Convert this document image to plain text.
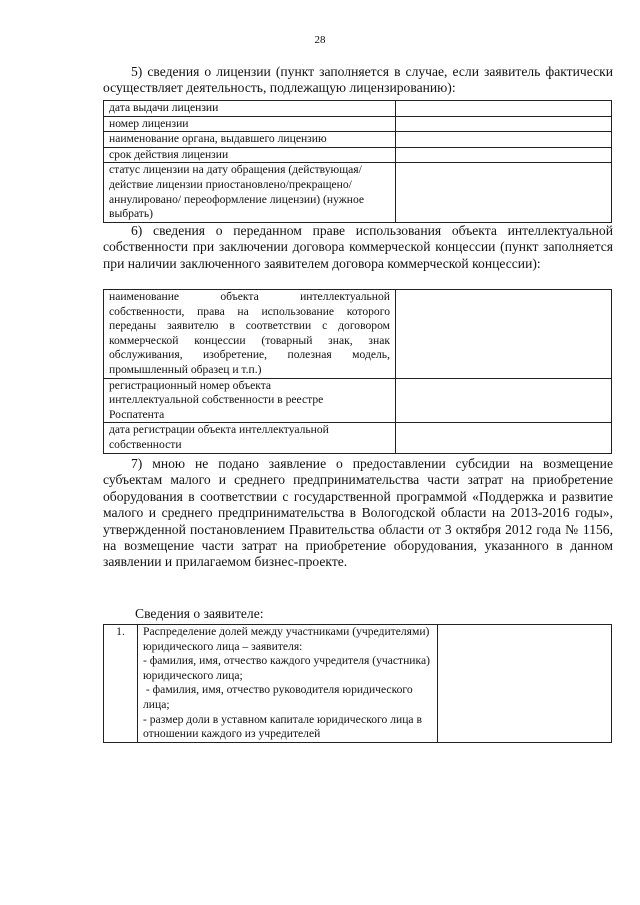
28

5) сведения о лицензии (пункт заполняется в случае, если заявитель фактически осуществляет деятельность, подлежащую лицензированию):

дата выдачи лицензии	
номер лицензии	
наименование органа, выдавшего лицензию	
срок действия лицензии	
статус лицензии на дату обращения (действующая/действие лицензии приостановлено/прекращено/аннулировано/ переоформление лицензии) (нужное выбрать)	

6) сведения о переданном праве использования объекта интеллектуальной собственности при заключении договора коммерческой концессии (пункт заполняется при наличии заключенного заявителем договора коммерческой концессии):

наименование объекта интеллектуальной собственности, права на использование которого переданы заявителю в соответствии с договором коммерческой концессии (товарный знак, знак обслуживания, изобретение, полезная модель, промышленный образец и т.п.)	
регистрационный номер объекта интеллектуальной собственности в реестре Роспатента	
дата регистрации объекта интеллектуальной собственности	

7) мною не подано заявление о предоставлении субсидии на возмещение субъектам малого и среднего предпринимательства части затрат на приобретение оборудования в соответствии с государственной программой «Поддержка и развитие малого и среднего предпринимательства в Вологодской области на 2013-2016 годы», утвержденной постановлением Правительства области от 3 октября 2012 года № 1156, на возмещение части затрат на приобретение оборудования, указанного в данном заявлении и прилагаемом бизнес-проекте.

Сведения о заявителе:

1.	Распределение долей между участниками (учредителями) юридического лица – заявителя:
- фамилия, имя, отчество каждого учредителя (участника) юридического лица;
- фамилия, имя, отчество руководителя юридического лица;
- размер доли в уставном капитале юридического лица в отношении каждого из учредителей
